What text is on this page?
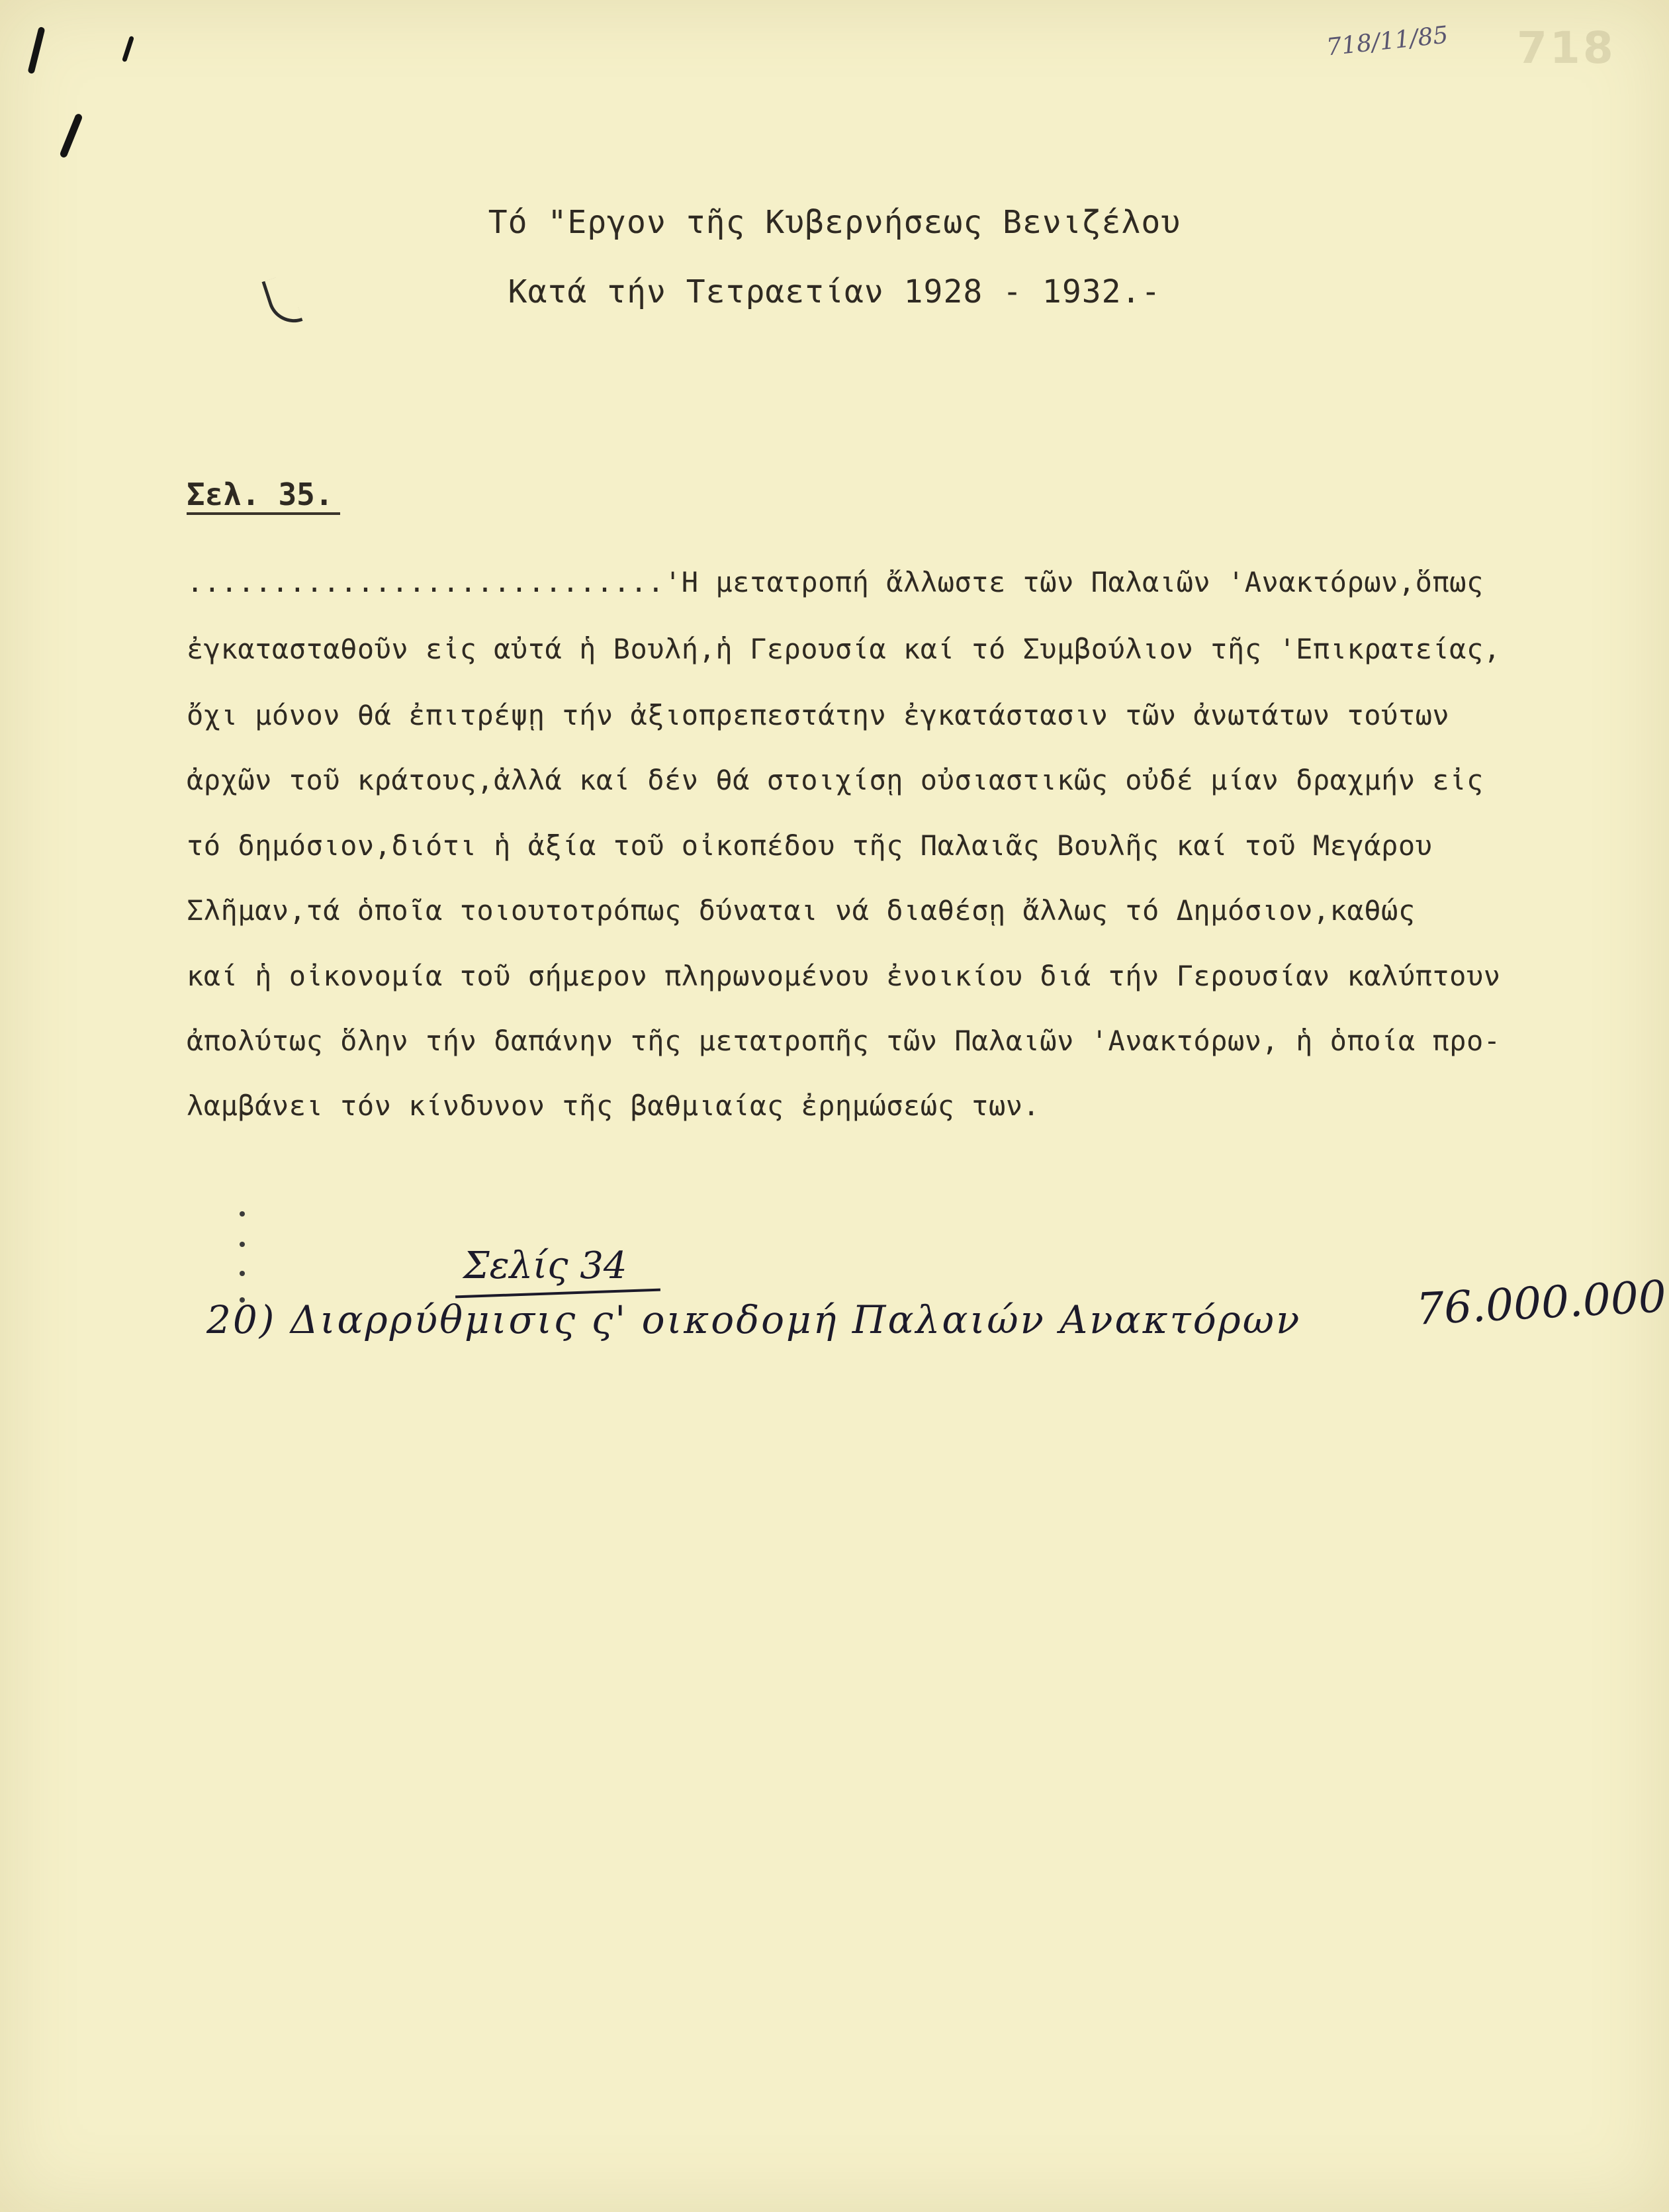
718
718/11/85
Τό "Εργον τῆς Κυβερνήσεως Βενιζέλου
Κατά τήν Τετραετίαν 1928 - 1932.-
Σελ. 35.
............................'Η μετατροπή ἄλλωστε τῶν Παλαιῶν 'Ανακτόρων,ὅπως
ἐγκατασταθοῦν εἰς αὐτά ἡ Βουλή,ἡ Γερουσία καί τό Συμβούλιον τῆς 'Επικρατείας,
ὄχι μόνον θά ἐπιτρέψῃ τήν ἀξιοπρεπεστάτην ἐγκατάστασιν τῶν ἀνωτάτων τούτων
ἀρχῶν τοῦ κράτους,ἀλλά καί δέν θά στοιχίσῃ οὐσιαστικῶς οὐδέ μίαν δραχμήν εἰς
τό δημόσιον,διότι ἡ ἀξία τοῦ οἰκοπέδου τῆς Παλαιᾶς Βουλῆς καί τοῦ Μεγάρου
Σλῆμαν,τά ὁποῖα τοιουτοτρόπως δύναται νά διαθέσῃ ἄλλως τό Δημόσιον,καθώς
καί ἡ οἰκονομία τοῦ σήμερον πληρωνομένου ἐνοικίου διά τήν Γερουσίαν καλύπτουν
ἀπολύτως ὅλην τήν δαπάνην τῆς μετατροπῆς τῶν Παλαιῶν 'Ανακτόρων, ἡ ὁποία προ-
λαμβάνει τόν κίνδυνον τῆς βαθμιαίας ἐρημώσεώς των.
Σελίς 34
20) Διαρρύθμισις ς' οικοδομή Παλαιών Ανακτόρων	76.000.000
